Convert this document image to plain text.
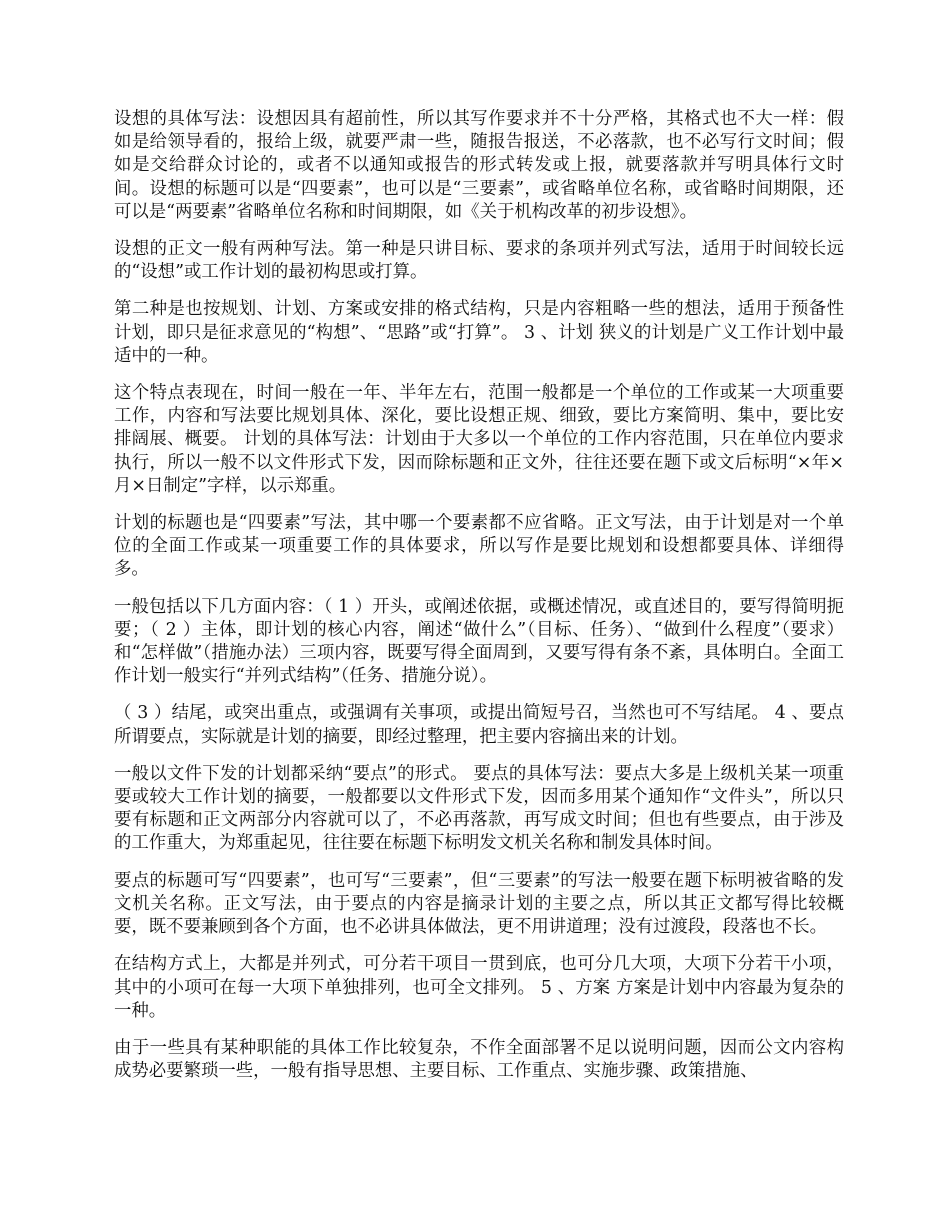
设想的具体写法：设想因具有超前性，所以其写作要求并不十分严格，其格式也不大一样：假如是给领导看的，报给上级，就要严肃一些，随报告报送，不必落款，也不必写行文时间；假如是交给群众讨论的，或者不以通知或报告的形式转发或上报，就要落款并写明具体行文时间。设想的标题可以是“四要素”，也可以是“三要素”，或省略单位名称，或省略时间期限，还可以是“两要素”省略单位名称和时间期限，如《关于机构改革的初步设想》。

设想的正文一般有两种写法。第一种是只讲目标、要求的条项并列式写法，适用于时间较长远的“设想”或工作计划的最初构思或打算。

第二种是也按规划、计划、方案或安排的格式结构，只是内容粗略一些的想法，适用于预备性计划，即只是征求意见的“构想”、“思路”或“打算”。 3 、计划 狭义的计划是广义工作计划中最适中的一种。

这个特点表现在，时间一般在一年、半年左右，范围一般都是一个单位的工作或某一大项重要工作，内容和写法要比规划具体、深化，要比设想正规、细致，要比方案简明、集中，要比安排阔展、概要。 计划的具体写法：计划由于大多以一个单位的工作内容范围，只在单位内要求执行，所以一般不以文件形式下发，因而除标题和正文外，往往还要在题下或文后标明“×年×月×日制定”字样，以示郑重。

计划的标题也是“四要素”写法，其中哪一个要素都不应省略。正文写法，由于计划是对一个单位的全面工作或某一项重要工作的具体要求，所以写作是要比规划和设想都要具体、详细得多。

一般包括以下几方面内容：（ 1 ）开头，或阐述依据，或概述情况，或直述目的，要写得简明扼要；（ 2 ）主体，即计划的核心内容，阐述“做什么”（目标、任务）、“做到什么程度”（要求）和“怎样做”（措施办法）三项内容，既要写得全面周到，又要写得有条不紊，具体明白。全面工作计划一般实行“并列式结构”（任务、措施分说）。

（ 3 ）结尾，或突出重点，或强调有关事项，或提出简短号召，当然也可不写结尾。 4 、要点 所谓要点，实际就是计划的摘要，即经过整理，把主要内容摘出来的计划。

一般以文件下发的计划都采纳“要点”的形式。 要点的具体写法：要点大多是上级机关某一项重要或较大工作计划的摘要，一般都要以文件形式下发，因而多用某个通知作“文件头”，所以只要有标题和正文两部分内容就可以了，不必再落款，再写成文时间；但也有些要点，由于涉及的工作重大，为郑重起见，往往要在标题下标明发文机关名称和制发具体时间。

要点的标题可写“四要素”，也可写“三要素”，但“三要素”的写法一般要在题下标明被省略的发文机关名称。正文写法，由于要点的内容是摘录计划的主要之点，所以其正文都写得比较概要，既不要兼顾到各个方面，也不必讲具体做法，更不用讲道理；没有过渡段，段落也不长。

在结构方式上，大都是并列式，可分若干项目一贯到底，也可分几大项，大项下分若干小项，其中的小项可在每一大项下单独排列，也可全文排列。 5 、方案 方案是计划中内容最为复杂的一种。

由于一些具有某种职能的具体工作比较复杂，不作全面部署不足以说明问题，因而公文内容构成势必要繁琐一些，一般有指导思想、主要目标、工作重点、实施步骤、政策措施、
